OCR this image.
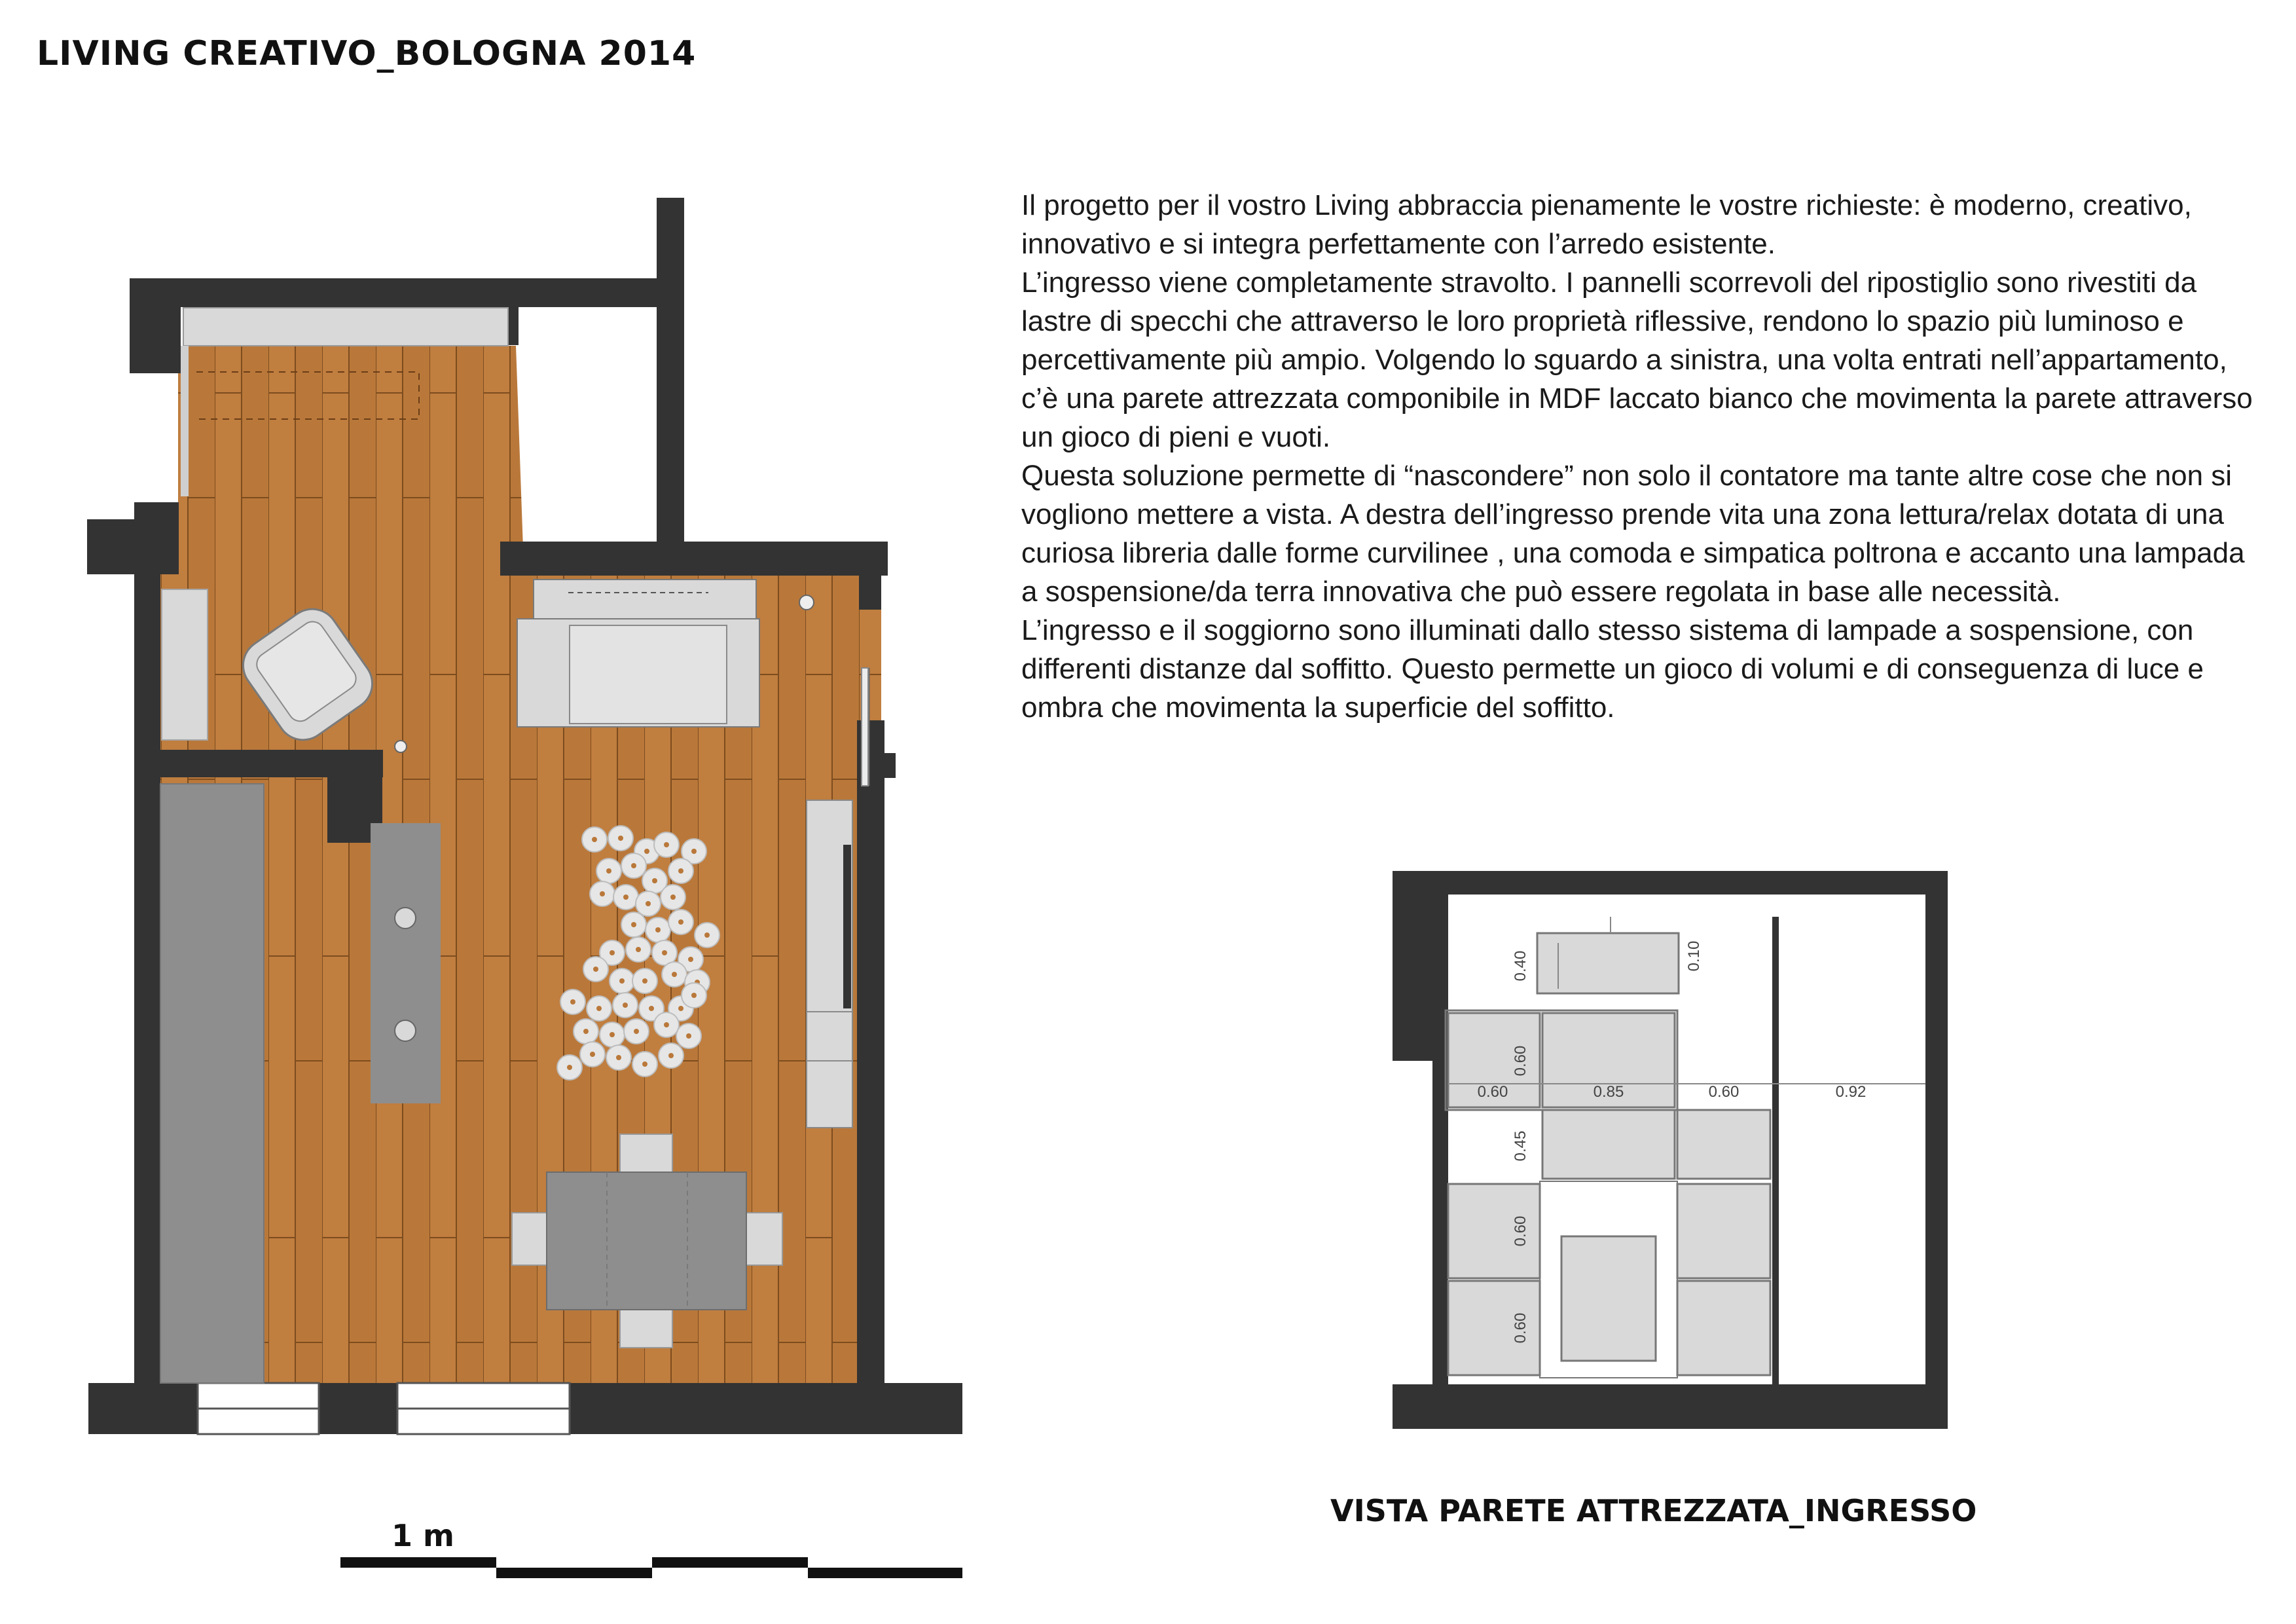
LIVING CREATIVO_BOLOGNA 2014

Il progetto per il vostro Living abbraccia pienamente le vostre richieste: è moderno, creativo, innovativo e si integra perfettamente con l’arredo esistente.

L’ingresso viene completamente stravolto. I pannelli scorrevoli del ripostiglio sono rivestiti da lastre di specchi che attraverso le loro proprietà riflessive, rendono lo spazio più luminoso e percettivamente più ampio. Volgendo lo sguardo a sinistra, una volta entrati nell’appartamento, c’è una parete attrezzata componibile in MDF laccato bianco che movimenta la parete attraverso un gioco di pieni e vuoti.

Questa soluzione permette di “nascondere” non solo il contatore ma tante altre cose che non si vogliono mettere a vista. A destra dell’ingresso prende vita una zona lettura/relax dotata di una curiosa libreria dalle forme curvilinee , una comoda e simpatica poltrona e accanto una lampada a sospensione/da terra innovativa che può essere regolata in base alle necessità.

L’ingresso e il soggiorno sono illuminati dallo stesso sistema di lampade a sospensione, con differenti distanze dal soffitto. Questo permette un gioco di volumi e di conseguenza di luce e ombra che movimenta la superficie del soffitto.

0.60	0.85	0.60	0.92
0.40	0.10
0.60
0.45
0.60
0.60
1 m
VISTA PARETE ATTREZZATA_INGRESSO
